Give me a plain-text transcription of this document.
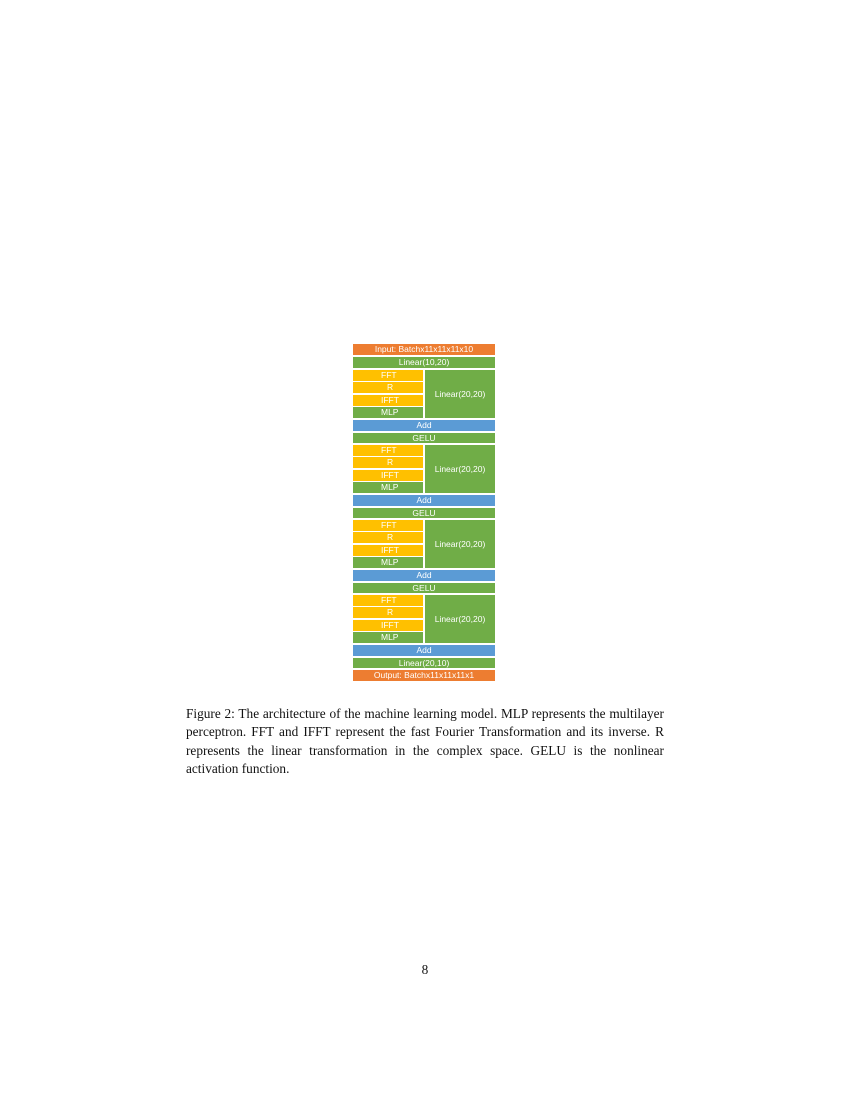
Input: Batchx11x11x11x10
Linear(10,20)
FFT
R
IFFT
MLP
Linear(20,20)
Add
GELU
FFT
R
IFFT
MLP
Linear(20,20)
Add
GELU
FFT
R
IFFT
MLP
Linear(20,20)
Add
GELU
FFT
R
IFFT
MLP
Linear(20,20)
Add
Linear(20,10)
Output: Batchx11x11x11x1

Figure 2: The architecture of the machine learning model. MLP represents the multilayer perceptron. FFT and IFFT represent the fast Fourier Transformation and its inverse. R represents the linear transformation in the complex space. GELU is the nonlinear activation function.

8
